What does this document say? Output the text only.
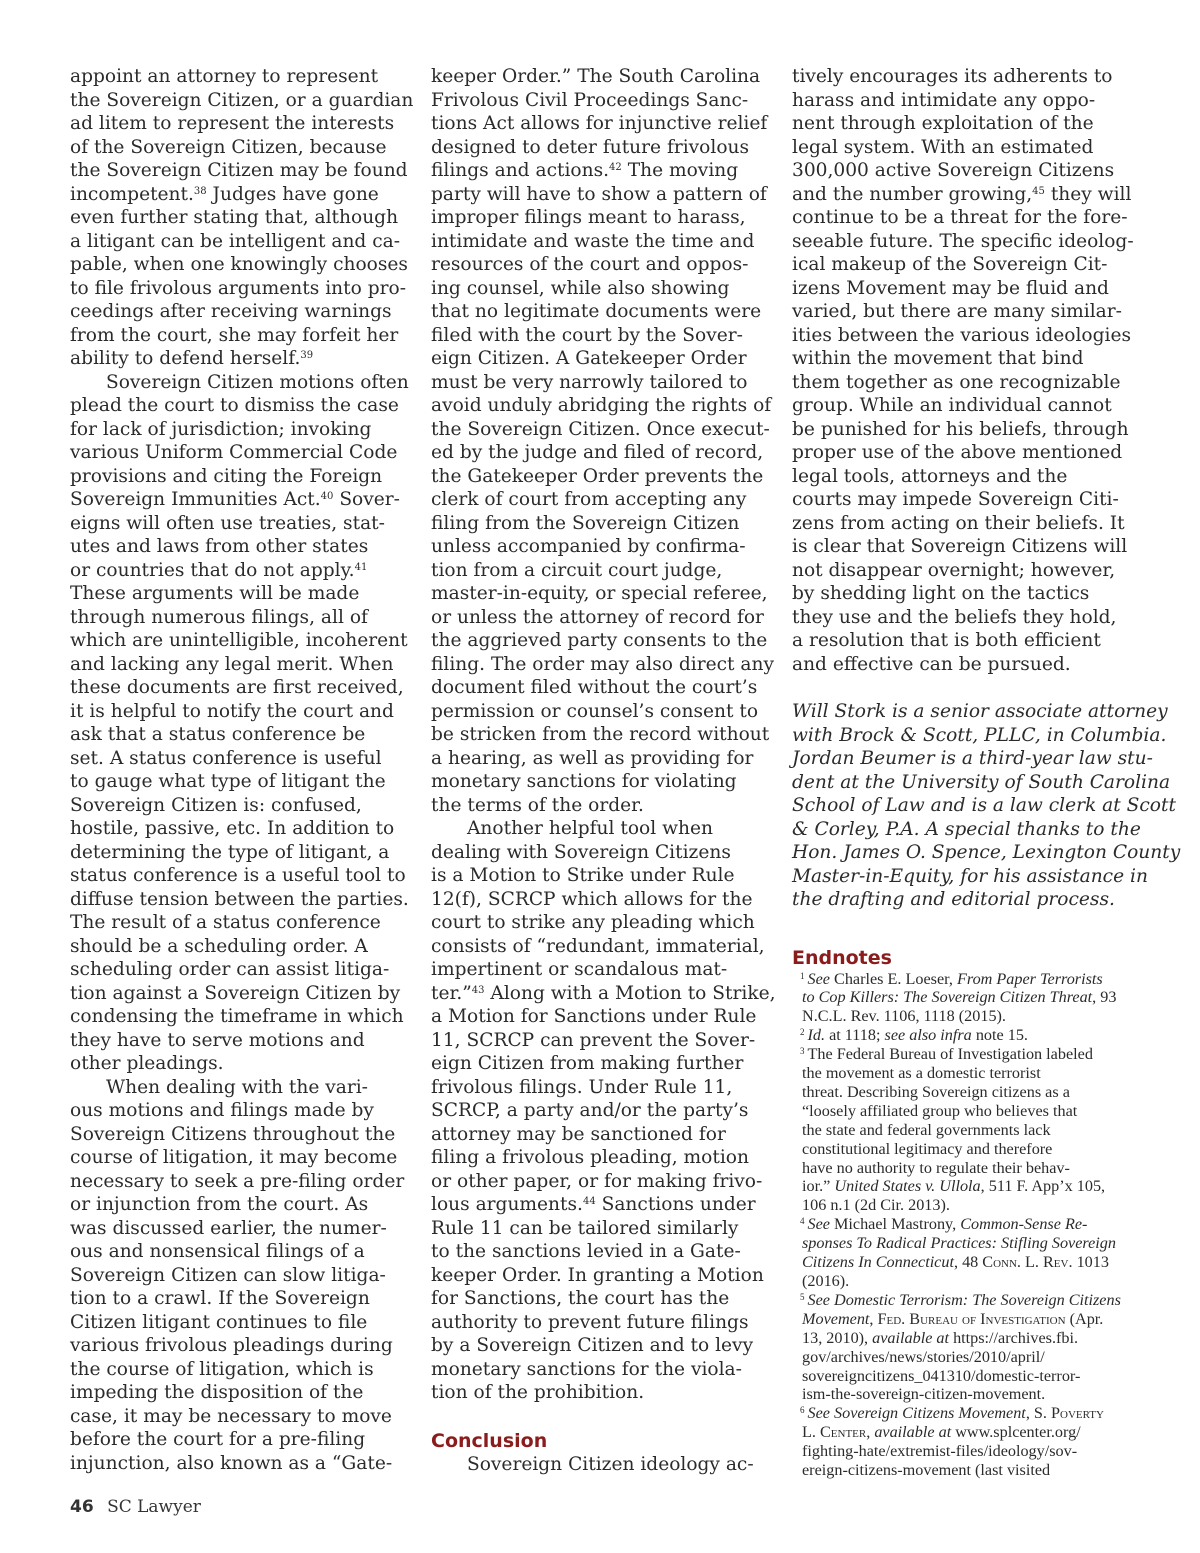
appoint an attorney to represent
the Sovereign Citizen, or a guardian
ad litem to represent the interests
of the Sovereign Citizen, because
the Sovereign Citizen may be found
incompetent.$^{38}$ Judges have gone
even further stating that, although
a litigant can be intelligent and ca-
pable, when one knowingly chooses
to file frivolous arguments into pro-
ceedings after receiving warnings
from the court, she may forfeit her
ability to defend herself.$^{39}$
Sovereign Citizen motions often
plead the court to dismiss the case
for lack of jurisdiction; invoking
various Uniform Commercial Code
provisions and citing the Foreign
Sovereign Immunities Act.$^{40}$ Sover-
eigns will often use treaties, stat-
utes and laws from other states
or countries that do not apply.$^{41}$
These arguments will be made
through numerous filings, all of
which are unintelligible, incoherent
and lacking any legal merit. When
these documents are first received,
it is helpful to notify the court and
ask that a status conference be
set. A status conference is useful
to gauge what type of litigant the
Sovereign Citizen is: confused,
hostile, passive, etc. In addition to
determining the type of litigant, a
status conference is a useful tool to
diffuse tension between the parties.
The result of a status conference
should be a scheduling order. A
scheduling order can assist litiga-
tion against a Sovereign Citizen by
condensing the timeframe in which
they have to serve motions and
other pleadings.
When dealing with the vari-
ous motions and filings made by
Sovereign Citizens throughout the
course of litigation, it may become
necessary to seek a pre-filing order
or injunction from the court. As
was discussed earlier, the numer-
ous and nonsensical filings of a
Sovereign Citizen can slow litiga-
tion to a crawl. If the Sovereign
Citizen litigant continues to file
various frivolous pleadings during
the course of litigation, which is
impeding the disposition of the
case, it may be necessary to move
before the court for a pre-filing
injunction, also known as a “Gate-
keeper Order.” The South Carolina
Frivolous Civil Proceedings Sanc-
tions Act allows for injunctive relief
designed to deter future frivolous
filings and actions.$^{42}$ The moving
party will have to show a pattern of
improper filings meant to harass,
intimidate and waste the time and
resources of the court and oppos-
ing counsel, while also showing
that no legitimate documents were
filed with the court by the Sover-
eign Citizen. A Gatekeeper Order
must be very narrowly tailored to
avoid unduly abridging the rights of
the Sovereign Citizen. Once execut-
ed by the judge and filed of record,
the Gatekeeper Order prevents the
clerk of court from accepting any
filing from the Sovereign Citizen
unless accompanied by confirma-
tion from a circuit court judge,
master-in-equity, or special referee,
or unless the attorney of record for
the aggrieved party consents to the
filing. The order may also direct any
document filed without the court’s
permission or counsel’s consent to
be stricken from the record without
a hearing, as well as providing for
monetary sanctions for violating
the terms of the order.
Another helpful tool when
dealing with Sovereign Citizens
is a Motion to Strike under Rule
12(f), SCRCP which allows for the
court to strike any pleading which
consists of “redundant, immaterial,
impertinent or scandalous mat-
ter.”$^{43}$ Along with a Motion to Strike,
a Motion for Sanctions under Rule
11, SCRCP can prevent the Sover-
eign Citizen from making further
frivolous filings. Under Rule 11,
SCRCP, a party and/or the party’s
attorney may be sanctioned for
filing a frivolous pleading, motion
or other paper, or for making frivo-
lous arguments.$^{44}$ Sanctions under
Rule 11 can be tailored similarly
to the sanctions levied in a Gate-
keeper Order. In granting a Motion
for Sanctions, the court has the
authority to prevent future filings
by a Sovereign Citizen and to levy
monetary sanctions for the viola-
tion of the prohibition.
Conclusion
Sovereign Citizen ideology ac-
tively encourages its adherents to
harass and intimidate any oppo-
nent through exploitation of the
legal system. With an estimated
300,000 active Sovereign Citizens
and the number growing,$^{45}$ they will
continue to be a threat for the fore-
seeable future. The specific ideolog-
ical makeup of the Sovereign Cit-
izens Movement may be fluid and
varied, but there are many similar-
ities between the various ideologies
within the movement that bind
them together as one recognizable
group. While an individual cannot
be punished for his beliefs, through
proper use of the above mentioned
legal tools, attorneys and the
courts may impede Sovereign Citi-
zens from acting on their beliefs. It
is clear that Sovereign Citizens will
not disappear overnight; however,
by shedding light on the tactics
they use and the beliefs they hold,
a resolution that is both efficient
and effective can be pursued.
Will Stork is a senior associate attorney
with Brock & Scott, PLLC, in Columbia.
Jordan Beumer is a third-year law stu-
dent at the University of South Carolina
School of Law and is a law clerk at Scott
& Corley, P.A. A special thanks to the
Hon. James O. Spence, Lexington County
Master-in-Equity, for his assistance in
the drafting and editorial process.
Endnotes
$^1$ See Charles E. Loeser, From Paper Terrorists
to Cop Killers: The Sovereign Citizen Threat, 93
N.C.L. Rev. 1106, 1118 (2015).
$^2$ Id. at 1118; see also infra note 15.
$^3$ The Federal Bureau of Investigation labeled
the movement as a domestic terrorist
threat. Describing Sovereign citizens as a
“loosely affiliated group who believes that
the state and federal governments lack
constitutional legitimacy and therefore
have no authority to regulate their behav-
ior.” United States v. Ullola, 511 F. App’x 105,
106 n.1 (2d Cir. 2013).
$^4$ See Michael Mastrony, Common-Sense Re-
sponses To Radical Practices: Stifling Sovereign
Citizens In Connecticut, 48 Conn. L. Rev. 1013
(2016).
$^5$ See Domestic Terrorism: The Sovereign Citizens
Movement, Fed. Bureau of Investigation (Apr.
13, 2010), available at https://archives.fbi.
gov/archives/news/stories/2010/april/
sovereigncitizens_041310/domestic-terror-
ism-the-sovereign-citizen-movement.
$^6$ See Sovereign Citizens Movement, S. Poverty
L. Center, available at www.splcenter.org/
fighting-hate/extremist-files/ideology/sov-
ereign-citizens-movement (last visited
46 SC Lawyer
